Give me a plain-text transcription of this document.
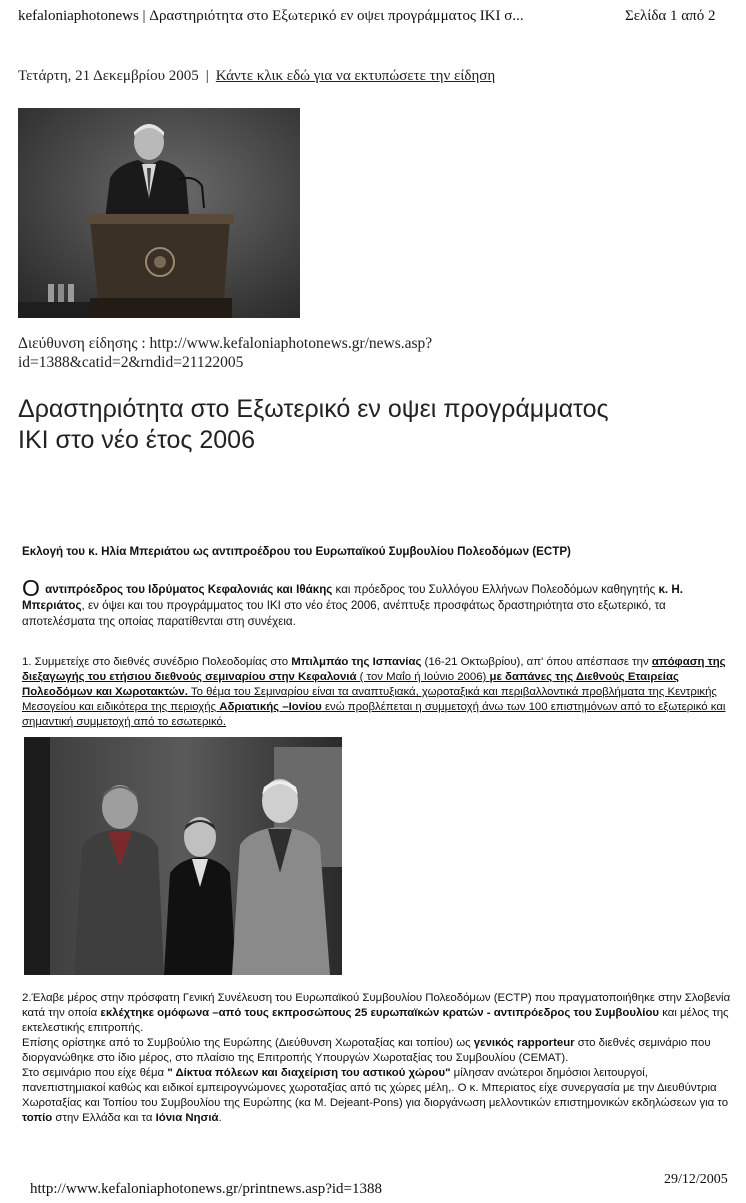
kefaloniaphotonews | Δραστηριότητα στο Εξωτερικό εν οψει προγράμματος ΙΚΙ σ...	Σελίδα 1 από 2
Τετάρτη, 21 Δεκεμβρίου 2005 | Κάντε κλικ εδώ για να εκτυπώσετε την είδηση
Διεύθυνση είδησης : http://www.kefaloniaphotonews.gr/news.asp?
id=1388&catid=2&rndid=21122005
Δραστηριότητα στο Εξωτερικό εν οψει προγράμματος
ΙΚΙ στο νέο έτος 2006
Εκλογή του κ. Ηλία Μπεριάτου ως αντιπροέδρου του Ευρωπαϊκού Συμβουλίου Πολεοδόμων (ECTP)
Ο αντιπρόεδρος του Ιδρύματος Κεφαλονιάς και Ιθάκης και πρόεδρος του Συλλόγου Ελλήνων Πολεοδόμων καθηγητής κ. Η. Μπεριάτος, εν όψει και του προγράμματος του ΙΚΙ στο νέο έτος 2006, ανέπτυξε προσφάτως δραστηριότητα στο εξωτερικό, τα αποτελέσματα της οποίας παρατίθενται στη συνέχεια.
1. Συμμετείχε στο διεθνές συνέδριο Πολεοδομίας στο Μπιλμπάο της Ισπανίας (16-21 Οκτωβρίου), απ' όπου απέσπασε την απόφαση της διεξαγωγής του ετήσιου διεθνούς σεμιναρίου στην Κεφαλονιά ( τον Μαΐο ή Ιούνιο 2006) με δαπάνες της Διεθνούς Εταιρείας Πολεοδόμων και Χωροτακτών. Το θέμα του Σεμιναρίου είναι τα αναπτυξιακά, χωροταξικά και περιβαλλοντικά προβλήματα της Κεντρικής Μεσογείου και ειδικότερα της περιοχής Αδριατικής –Ιονίου ενώ προβλέπεται η συμμετοχή άνω των 100 επιστημόνων από το εξωτερικό και σημαντική συμμετοχή από το εσωτερικό.
2.Έλαβε μέρος στην πρόσφατη Γενική Συνέλευση του Ευρωπαϊκού Συμβουλίου Πολεοδόμων (ECTP) που πραγματοποιήθηκε στην Σλοβενία κατά την οποία εκλέχτηκε ομόφωνα –από τους εκπροσώπους 25 ευρωπαϊκών κρατών - αντιπρόεδρος του Συμβουλίου και μέλος της εκτελεστικής επιτροπής.
Επίσης ορίστηκε από το Συμβούλιο της Ευρώπης (Διεύθυνση Χωροταξίας και τοπίου) ως γενικός rapporteur στο διεθνές σεμινάριο που διοργανώθηκε στο ίδιο μέρος, στο πλαίσιο της Επιτροπής Υπουργών Χωροταξίας του Συμβουλίου (CEMAT).
Στο σεμινάριο που είχε θέμα " Δίκτυα πόλεων και διαχείριση του αστικού χώρου" μίλησαν ανώτεροι δημόσιοι λειτουργοί, πανεπιστημιακοί καθώς και ειδικοί εμπειρογνώμονες χωροταξίας από τις χώρες μέλη,. Ο κ. Μπεριατος είχε συνεργασία με την Διευθύντρια Χωροταξίας και Τοπίου του Συμβουλίου της Ευρώπης (κα M. Dejeant-Pons) για διοργάνωση μελλοντικών επιστημονικών εκδηλώσεων για το τοπίο στην Ελλάδα και τα Ιόνια Νησιά.
http://www.kefaloniaphotonews.gr/printnews.asp?id=1388
29/12/2005
